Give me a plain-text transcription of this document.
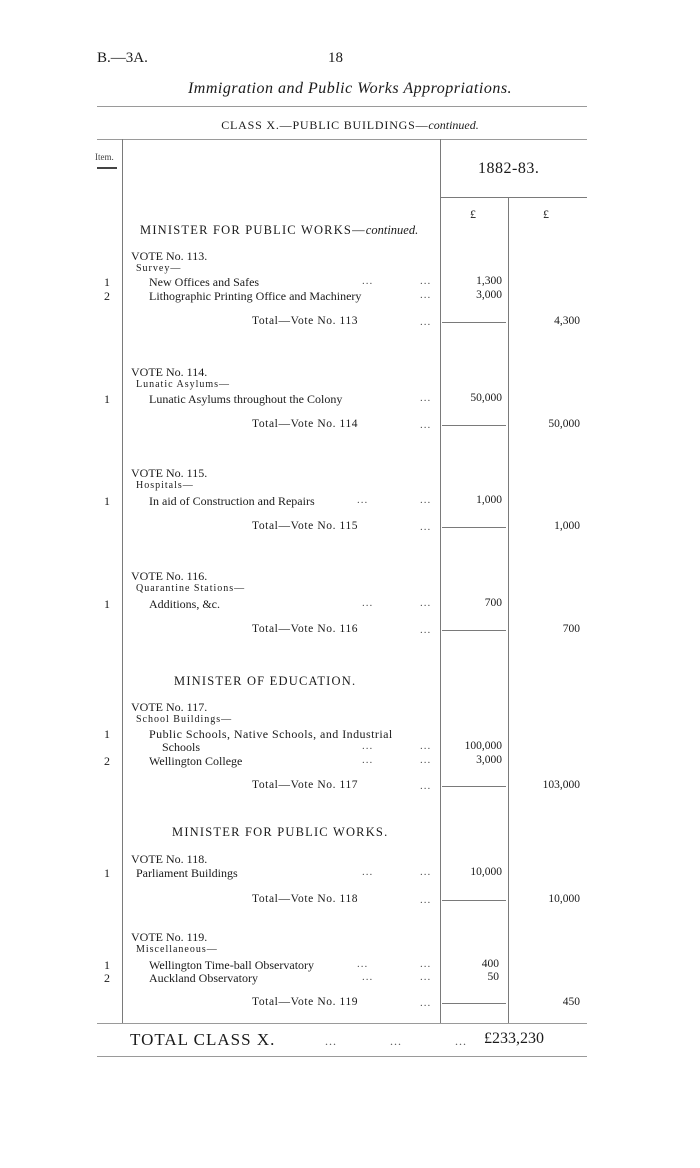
B.—3A.	18
Immigration and Public Works Appropriations.
CLASS X.—PUBLIC BUILDINGS—continued.
Item.
1882-83.
£	£
MINISTER FOR PUBLIC WORKS—continued.
VOTE No. 113.
Survey—
1	New Offices and Safes	...	...	1,300
2	Lithographic Printing Office and Machinery	...	3,000
Total—Vote No. 113	...	4,300
VOTE No. 114.
Lunatic Asylums—
1	Lunatic Asylums throughout the Colony	...	50,000
Total—Vote No. 114	...	50,000
VOTE No. 115.
Hospitals—
1	In aid of Construction and Repairs	...	...	1,000
Total—Vote No. 115	...	1,000
VOTE No. 116.
Quarantine Stations—
1	Additions, &c.	...	...	700
Total—Vote No. 116	...	700
MINISTER OF EDUCATION.
VOTE No. 117.
School Buildings—
1	Public Schools, Native Schools, and Industrial
Schools	...	...	100,000
2	Wellington College	...	...	3,000
Total—Vote No. 117	...	103,000
MINISTER FOR PUBLIC WORKS.
VOTE No. 118.
1 Parliament Buildings	...	...	10,000
Total—Vote No. 118	...	10,000
VOTE No. 119.
Miscellaneous—
1	Wellington Time-ball Observatory	...	...	400
2	Auckland Observatory	...	...	50
Total—Vote No. 119	...	450
TOTAL CLASS X.	...	...	... £233,230
